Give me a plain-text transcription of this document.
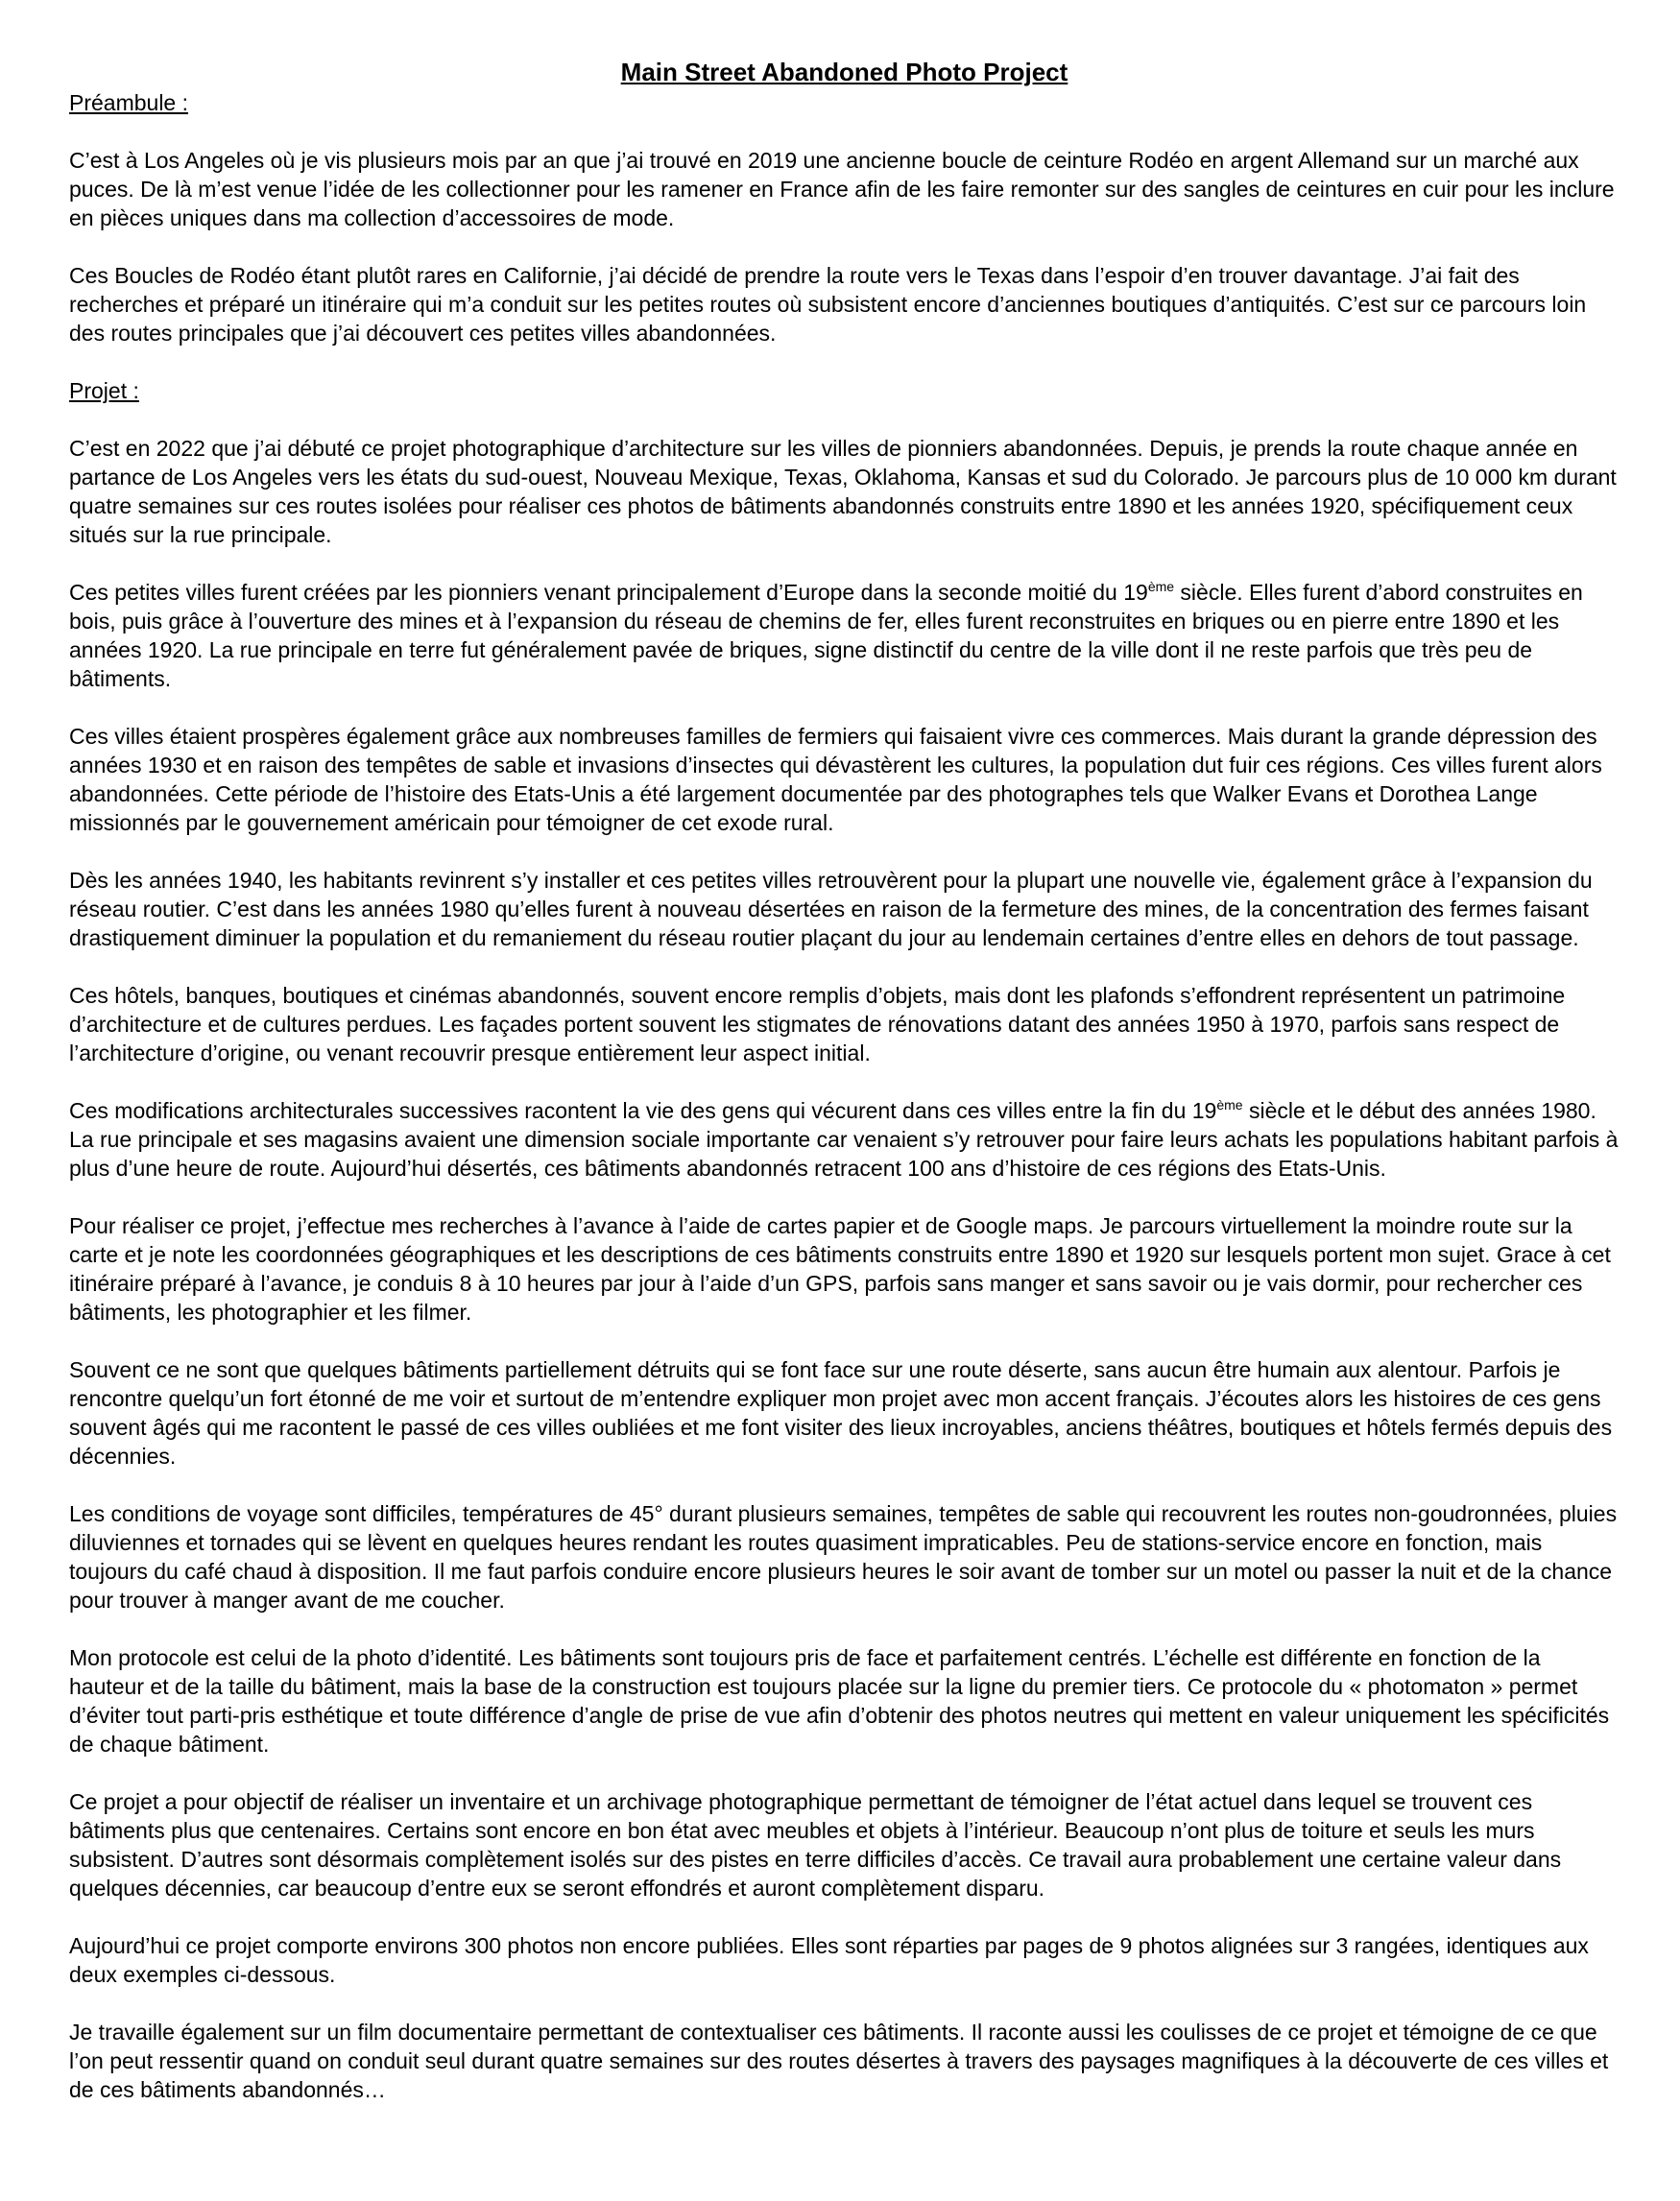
Main Street Abandoned Photo Project
Préambule :

C’est à Los Angeles où je vis plusieurs mois par an que j’ai trouvé en 2019 une ancienne boucle de ceinture Rodéo en argent Allemand sur un marché aux puces. De là m’est venue l’idée de les collectionner pour les ramener en France afin de les faire remonter sur des sangles de ceintures en cuir pour les inclure en pièces uniques dans ma collection d’accessoires de mode.

Ces Boucles de Rodéo étant plutôt rares en Californie, j’ai décidé de prendre la route vers le Texas dans l’espoir d’en trouver davantage. J’ai fait des recherches et préparé un itinéraire qui m’a conduit sur les petites routes où subsistent encore d’anciennes boutiques d’antiquités. C’est sur ce parcours loin des routes principales que j’ai découvert ces petites villes abandonnées.

Projet :

C’est en 2022 que j’ai débuté ce projet photographique d’architecture sur les villes de pionniers abandonnées. Depuis, je prends la route chaque année en partance de Los Angeles vers les états du sud-ouest, Nouveau Mexique, Texas, Oklahoma, Kansas et sud du Colorado. Je parcours plus de 10 000 km durant quatre semaines sur ces routes isolées pour réaliser ces photos de bâtiments abandonnés construits entre 1890 et les années 1920, spécifiquement ceux situés sur la rue principale.

Ces petites villes furent créées par les pionniers venant principalement d’Europe dans la seconde moitié du 19ème siècle. Elles furent d’abord construites en bois, puis grâce à l’ouverture des mines et à l’expansion du réseau de chemins de fer, elles furent reconstruites en briques ou en pierre entre 1890 et les années 1920. La rue principale en terre fut généralement pavée de briques, signe distinctif du centre de la ville dont il ne reste parfois que très peu de bâtiments.

Ces villes étaient prospères également grâce aux nombreuses familles de fermiers qui faisaient vivre ces commerces. Mais durant la grande dépression des années 1930 et en raison des tempêtes de sable et invasions d’insectes qui dévastèrent les cultures, la population dut fuir ces régions. Ces villes furent alors abandonnées. Cette période de l’histoire des Etats-Unis a été largement documentée par des photographes tels que Walker Evans et Dorothea Lange missionnés par le gouvernement américain pour témoigner de cet exode rural.

Dès les années 1940, les habitants revinrent s’y installer et ces petites villes retrouvèrent pour la plupart une nouvelle vie, également grâce à l’expansion du réseau routier. C’est dans les années 1980 qu’elles furent à nouveau désertées en raison de la fermeture des mines, de la concentration des fermes faisant drastiquement diminuer la population et du remaniement du réseau routier plaçant du jour au lendemain certaines d’entre elles en dehors de tout passage.

Ces hôtels, banques, boutiques et cinémas abandonnés, souvent encore remplis d’objets, mais dont les plafonds s’effondrent représentent un patrimoine d’architecture et de cultures perdues. Les façades portent souvent les stigmates de rénovations datant des années 1950 à 1970, parfois sans respect de l’architecture d’origine, ou venant recouvrir presque entièrement leur aspect initial.

Ces modifications architecturales successives racontent la vie des gens qui vécurent dans ces villes entre la fin du 19ème siècle et le début des années 1980. La rue principale et ses magasins avaient une dimension sociale importante car venaient s’y retrouver pour faire leurs achats les populations habitant parfois à plus d’une heure de route. Aujourd’hui désertés, ces bâtiments abandonnés retracent 100 ans d’histoire de ces régions des Etats-Unis.

Pour réaliser ce projet, j’effectue mes recherches à l’avance à l’aide de cartes papier et de Google maps. Je parcours virtuellement la moindre route sur la carte et je note les coordonnées géographiques et les descriptions de ces bâtiments construits entre 1890 et 1920 sur lesquels portent mon sujet. Grace à cet itinéraire préparé à l’avance, je conduis 8 à 10 heures par jour à l’aide d’un GPS, parfois sans manger et sans savoir ou je vais dormir, pour rechercher ces bâtiments, les photographier et les filmer.

Souvent ce ne sont que quelques bâtiments partiellement détruits qui se font face sur une route déserte, sans aucun être humain aux alentour. Parfois je rencontre quelqu’un fort étonné de me voir et surtout de m’entendre expliquer mon projet avec mon accent français. J’écoutes alors les histoires de ces gens souvent âgés qui me racontent le passé de ces villes oubliées et me font visiter des lieux incroyables, anciens théâtres, boutiques et hôtels fermés depuis des décennies.

Les conditions de voyage sont difficiles, températures de 45° durant plusieurs semaines, tempêtes de sable qui recouvrent les routes non-goudronnées, pluies diluviennes et tornades qui se lèvent en quelques heures rendant les routes quasiment impraticables. Peu de stations-service encore en fonction, mais toujours du café chaud à disposition. Il me faut parfois conduire encore plusieurs heures le soir avant de tomber sur un motel ou passer la nuit et de la chance pour trouver à manger avant de me coucher.

Mon protocole est celui de la photo d’identité. Les bâtiments sont toujours pris de face et parfaitement centrés. L’échelle est différente en fonction de la hauteur et de la taille du bâtiment, mais la base de la construction est toujours placée sur la ligne du premier tiers. Ce protocole du « photomaton » permet d’éviter tout parti-pris esthétique et toute différence d’angle de prise de vue afin d’obtenir des photos neutres qui mettent en valeur uniquement les spécificités de chaque bâtiment.

Ce projet a pour objectif de réaliser un inventaire et un archivage photographique permettant de témoigner de l’état actuel dans lequel se trouvent ces bâtiments plus que centenaires. Certains sont encore en bon état avec meubles et objets à l’intérieur. Beaucoup n’ont plus de toiture et seuls les murs subsistent. D’autres sont désormais complètement isolés sur des pistes en terre difficiles d’accès. Ce travail aura probablement une certaine valeur dans quelques décennies, car beaucoup d’entre eux se seront effondrés et auront complètement disparu.

Aujourd’hui ce projet comporte environs 300 photos non encore publiées. Elles sont réparties par pages de 9 photos alignées sur 3 rangées, identiques aux deux exemples ci-dessous.

Je travaille également sur un film documentaire permettant de contextualiser ces bâtiments. Il raconte aussi les coulisses de ce projet et témoigne de ce que l’on peut ressentir quand on conduit seul durant quatre semaines sur des routes désertes à travers des paysages magnifiques à la découverte de ces villes et de ces bâtiments abandonnés…
